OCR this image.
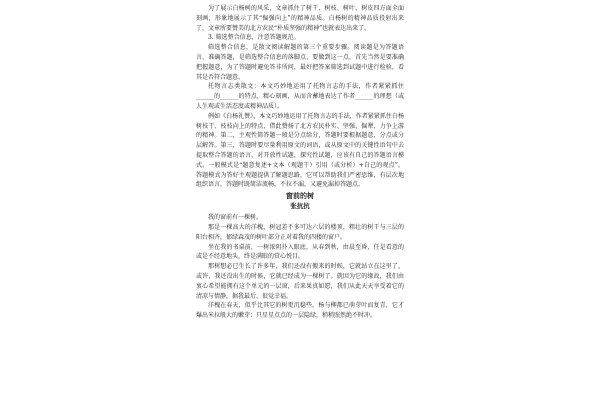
为了展示白杨树的风采，文章抓住了树干、树枝、树叶、树皮四方面全面刻画，形象地展示了其“倔强向上”的精神品质。白杨树的精神品质投射出来了，文章所要赞美的北方农民“朴质坚强的精神”也就表达出来了。

3. 筛选整合信息，注意答题规范。

筛选整合信息，是散文阅读解题的第三个重要步骤。阅读题是为答题语言、准确答题，是筛选整合信息的落脚点，要做到这一点，首先当然是要准确把握题意，为了答题时避免答非所问，最好把答案筛选到试题中进行检验，看其是否符合题意。

托物言志类散文：本文巧妙地运用了托物言志的手法，作者紧紧抓住______的______的特点，精心刻画，从而含蓄地表达了作者______的理想（或人生观或生活态度或精神品质）。

例如《白杨礼赞》，本文巧妙地运用了托物言志的手法，作者紧紧抓住白杨树枝干、枝枝向上的特点，借此赞扬了北方农民朴实、坚强、倔犟，力争上游的精神。第二，主观性简答题一般是分点给分，答题时要根据题意，分点或分层解答。第三，答题时要尽量利用原文的词语，或从原文中的关键性语句中去提取整合答题的语言，对开放性试题，探究性试题，应该有自己的答题语言模式。一般模式是“题意复述+文本（观题干）引用（或分析）+自己的观点”。答题模式为答好主观题提供了解题思路，它可以帮助我们严密思维，有层次地组织语言，答题时既简洁流畅，不拉不漏，又避免漏掉答题点。

窗前的树
张抗抗

我的窗前有一棵树。

那是一棵高大的洋槐，树冠差不多可达六层的楼顶，粗壮的树干与三层的阳台相齐，郁绿森茂的树叶部分正对着我的四楼的窗户。

坐在我的书桌前，一树浓阴扑入眼底，从春到秋，由晨至昏，任是看意的或是不经意地头，终是满眼的赏心悦目。

那树想必已生长了许多年，我们还没有搬来的时候，它就站立在这里了，或许，我还没出生的时候，它就已经成为一棵树了。就因为它的缘故，我们由衷心希望能拥有这个单元的一层窗，后来果真如愿，我们从此天天享受着它的清凉与情静，据我最后，很觉幸福。

洋槐在春天，似乎比其它的树更沉稳些。杨与柳都已萌芽叶而复青，它才爆出米拉般大的嫩芽；只星星点点的一层隐绿，稍稍照然绝不时冲。
